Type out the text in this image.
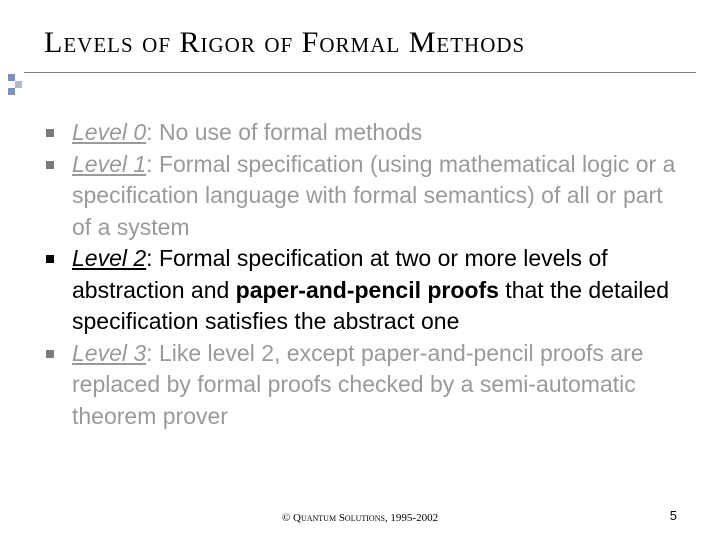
Levels of Rigor of Formal Methods
Level 0: No use of formal methods
Level 1: Formal specification (using mathematical logic or a specification language with formal semantics) of all or part of a system
Level 2: Formal specification at two or more levels of abstraction and paper-and-pencil proofs that the detailed specification satisfies the abstract one
Level 3: Like level 2, except paper-and-pencil proofs are replaced by formal proofs checked by a semi-automatic theorem prover
© Quantum Solutions, 1995-2002	5
